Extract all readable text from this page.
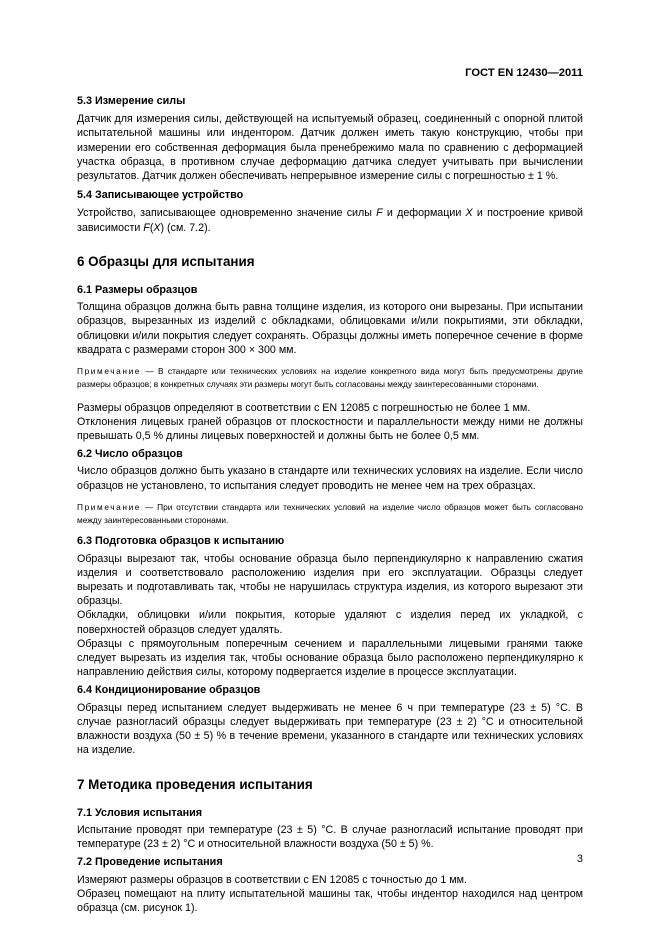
ГОСТ EN 12430—2011
5.3 Измерение силы

Датчик для измерения силы, действующей на испытуемый образец, соединенный с опорной плитой испытательной машины или индентором. Датчик должен иметь такую конструкцию, чтобы при измерении его собственная деформация была пренебрежимо мала по сравнению с деформацией участка образца, в противном случае деформацию датчика следует учитывать при вычислении результатов. Датчик должен обеспечивать непрерывное измерение силы с погрешностью ± 1 %.

5.4 Записывающее устройство

Устройство, записывающее одновременно значение силы F и деформации X и построение кривой зависимости F(X) (см. 7.2).

6 Образцы для испытания
6.1 Размеры образцов

Толщина образцов должна быть равна толщине изделия, из которого они вырезаны. При испытании образцов, вырезанных из изделий с обкладками, облицовками и/или покрытиями, эти обкладки, облицовки и/или покрытия следует сохранять. Образцы должны иметь поперечное сечение в форме квадрата с размерами сторон 300 × 300 мм.

Примечание — В стандарте или технических условиях на изделие конкретного вида могут быть предусмотрены другие размеры образцов; в конкретных случаях эти размеры могут быть согласованы между заинтересованными сторонами.

Размеры образцов определяют в соответствии с EN 12085 с погрешностью не более 1 мм.

Отклонения лицевых граней образцов от плоскостности и параллельности между ними не должны превышать 0,5 % длины лицевых поверхностей и должны быть не более 0,5 мм.

6.2 Число образцов

Число образцов должно быть указано в стандарте или технических условиях на изделие. Если число образцов не установлено, то испытания следует проводить не менее чем на трех образцах.

Примечание — При отсутствии стандарта или технических условий на изделие число образцов может быть согласовано между заинтересованными сторонами.

6.3 Подготовка образцов к испытанию

Образцы вырезают так, чтобы основание образца было перпендикулярно к направлению сжатия изделия и соответствовало расположению изделия при его эксплуатации. Образцы следует вырезать и подготавливать так, чтобы не нарушилась структура изделия, из которого вырезают эти образцы.

Обкладки, облицовки и/или покрытия, которые удаляют с изделия перед их укладкой, с поверхностей образцов следует удалять.

Образцы с прямоугольным поперечным сечением и параллельными лицевыми гранями также следует вырезать из изделия так, чтобы основание образца было расположено перпендикулярно к направлению действия силы, которому подвергается изделие в процессе эксплуатации.

6.4 Кондиционирование образцов

Образцы перед испытанием следует выдерживать не менее 6 ч при температуре (23 ± 5) °С. В случае разногласий образцы следует выдерживать при температуре (23 ± 2) °С и относительной влажности воздуха (50 ± 5) % в течение времени, указанного в стандарте или технических условиях на изделие.

7 Методика проведения испытания
7.1 Условия испытания

Испытание проводят при температуре (23 ± 5) °С. В случае разногласий испытание проводят при температуре (23 ± 2) °С и относительной влажности воздуха (50 ± 5) %.

7.2 Проведение испытания

Измеряют размеры образцов в соответствии с EN 12085 с точностью до 1 мм.

Образец помещают на плиту испытательной машины так, чтобы индентор находился над центром образца (см. рисунок 1).

3
